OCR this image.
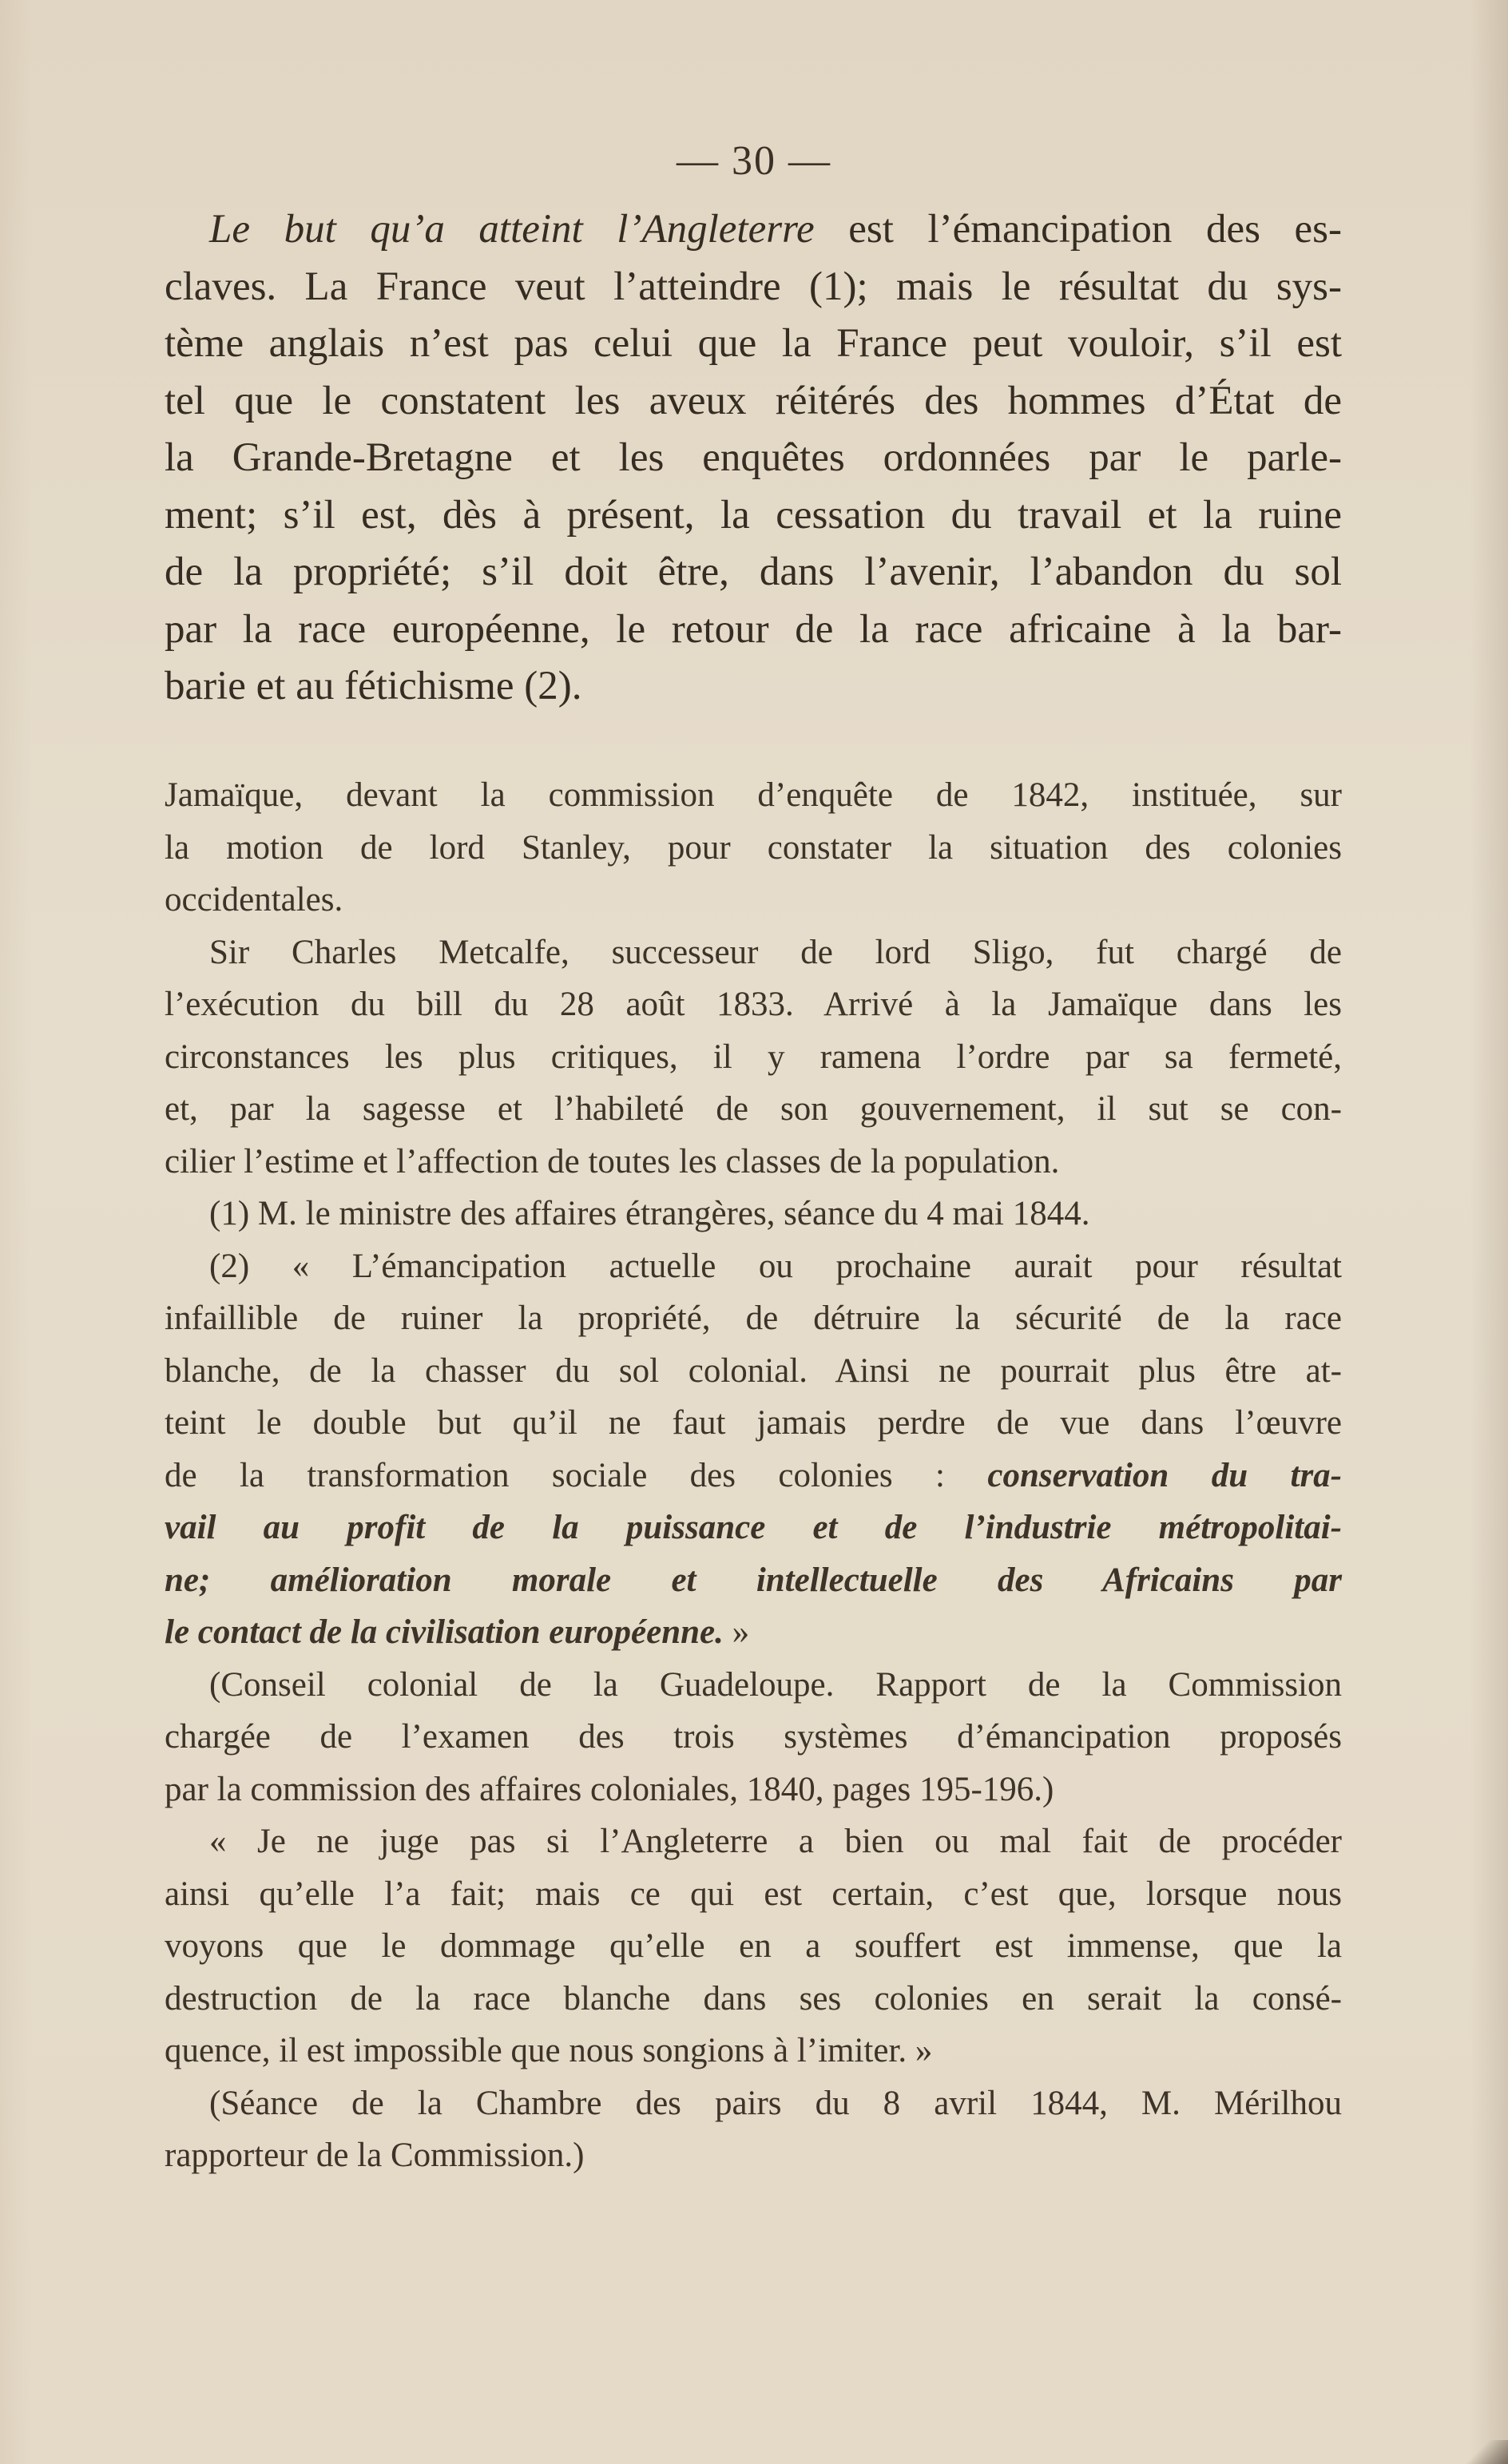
— 30 —
Le but qu’a atteint l’Angleterre est l’émancipation des es-
claves. La France veut l’atteindre (1); mais le résultat du sys-
tème anglais n’est pas celui que la France peut vouloir, s’il est
tel que le constatent les aveux réitérés des hommes d’État de
la Grande-Bretagne et les enquêtes ordonnées par le parle-
ment; s’il est, dès à présent, la cessation du travail et la ruine
de la propriété; s’il doit être, dans l’avenir, l’abandon du sol
par la race européenne, le retour de la race africaine à la bar-
barie et au fétichisme (2).
Jamaïque, devant la commission d’enquête de 1842, instituée, sur
la motion de lord Stanley, pour constater la situation des colonies
occidentales.
Sir Charles Metcalfe, successeur de lord Sligo, fut chargé de
l’exécution du bill du 28 août 1833. Arrivé à la Jamaïque dans les
circonstances les plus critiques, il y ramena l’ordre par sa fermeté,
et, par la sagesse et l’habileté de son gouvernement, il sut se con-
cilier l’estime et l’affection de toutes les classes de la population.
(1) M. le ministre des affaires étrangères, séance du 4 mai 1844.
(2) « L’émancipation actuelle ou prochaine aurait pour résultat
infaillible de ruiner la propriété, de détruire la sécurité de la race
blanche, de la chasser du sol colonial. Ainsi ne pourrait plus être at-
teint le double but qu’il ne faut jamais perdre de vue dans l’œuvre
de la transformation sociale des colonies : conservation du tra-
vail au profit de la puissance et de l’industrie métropolitai-
ne; amélioration morale et intellectuelle des Africains par
le contact de la civilisation européenne. »
(Conseil colonial de la Guadeloupe. Rapport de la Commission
chargée de l’examen des trois systèmes d’émancipation proposés
par la commission des affaires coloniales, 1840, pages 195-196.)
« Je ne juge pas si l’Angleterre a bien ou mal fait de procéder
ainsi qu’elle l’a fait; mais ce qui est certain, c’est que, lorsque nous
voyons que le dommage qu’elle en a souffert est immense, que la
destruction de la race blanche dans ses colonies en serait la consé-
quence, il est impossible que nous songions à l’imiter. »
(Séance de la Chambre des pairs du 8 avril 1844, M. Mérilhou
rapporteur de la Commission.)
